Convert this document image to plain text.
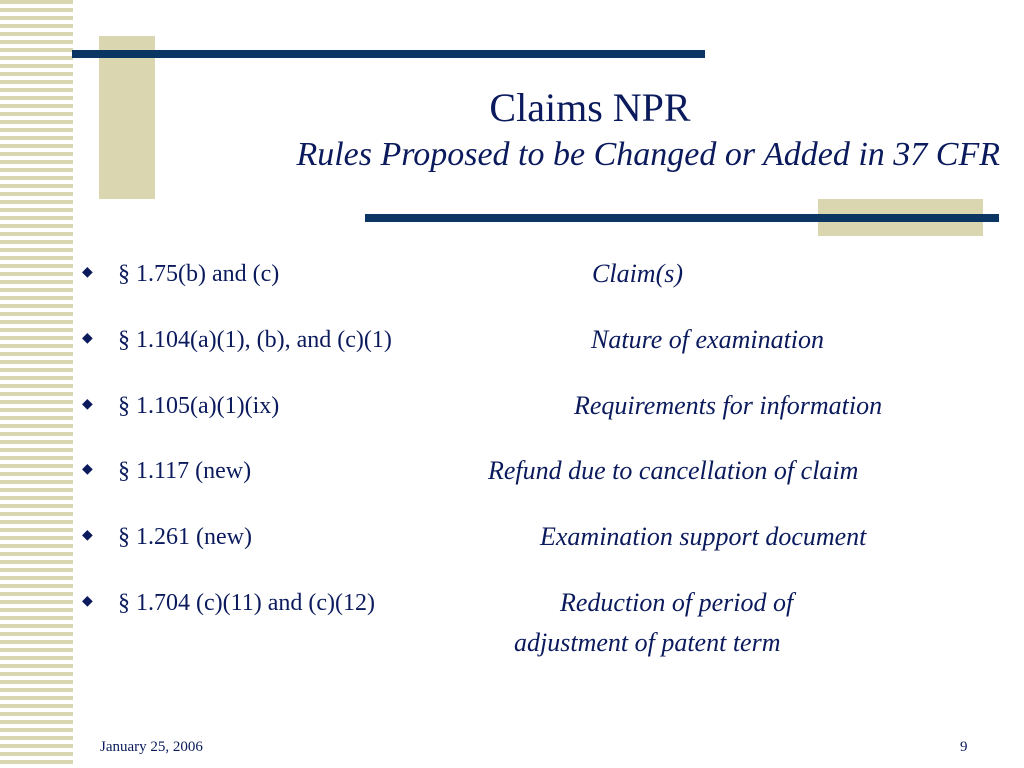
Claims NPR
Rules Proposed to be Changed or Added in 37 CFR
◆ § 1.75(b) and (c)	Claim(s)
◆ § 1.104(a)(1), (b), and (c)(1)	Nature of examination
◆ § 1.105(a)(1)(ix)	Requirements for information
◆ § 1.117 (new)	Refund due to cancellation of claim
◆ § 1.261 (new)	Examination support document
◆ § 1.704 (c)(11) and (c)(12)	Reduction of period of
adjustment of patent term
January 25, 2006	9
